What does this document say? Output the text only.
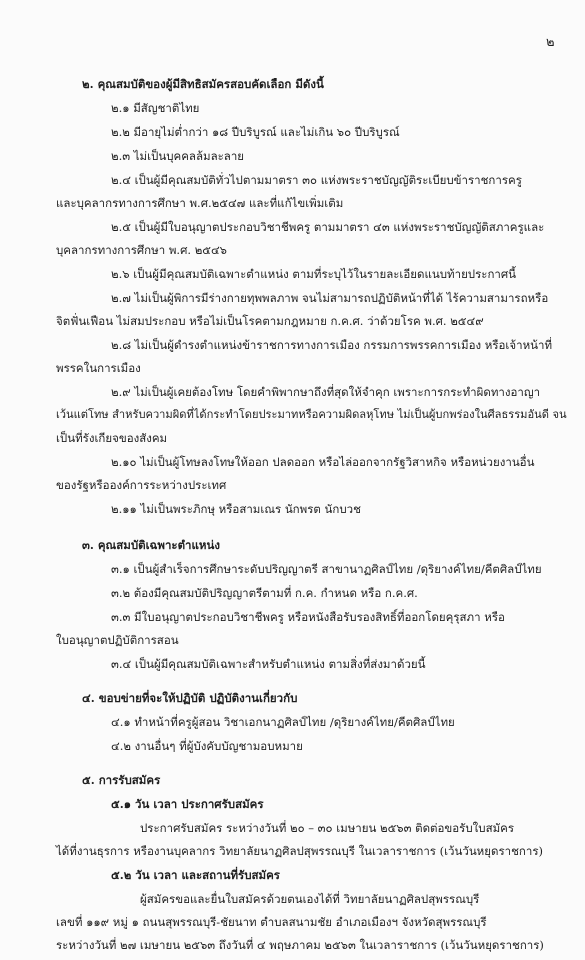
๒
๒. คุณสมบัติของผู้มีสิทธิสมัครสอบคัดเลือก มีดังนี้
๒.๑ มีสัญชาติไทย
๒.๒ มีอายุไม่ต่ำกว่า ๑๘ ปีบริบูรณ์ และไม่เกิน ๖๐ ปีบริบูรณ์
๒.๓ ไม่เป็นบุคคลล้มละลาย
๒.๔ เป็นผู้มีคุณสมบัติทั่วไปตามมาตรา ๓๐ แห่งพระราชบัญญัติระเบียบข้าราชการครู
และบุคลากรทางการศึกษา พ.ศ.๒๕๔๗ และที่แก้ไขเพิ่มเติม
๒.๕ เป็นผู้มีใบอนุญาตประกอบวิชาชีพครู ตามมาตรา ๔๓ แห่งพระราชบัญญัติสภาครูและ
บุคลากรทางการศึกษา พ.ศ. ๒๕๔๖
๒.๖ เป็นผู้มีคุณสมบัติเฉพาะตำแหน่ง ตามที่ระบุไว้ในรายละเอียดแนบท้ายประกาศนี้
๒.๗ ไม่เป็นผู้พิการมีร่างกายทุพพลภาพ จนไม่สามารถปฏิบัติหน้าที่ได้ ไร้ความสามารถหรือ
จิตฟั่นเฟือน ไม่สมประกอบ หรือไม่เป็นโรคตามกฎหมาย ก.ค.ศ. ว่าด้วยโรค พ.ศ. ๒๕๔๙
๒.๘ ไม่เป็นผู้ดำรงตำแหน่งข้าราชการทางการเมือง กรรมการพรรคการเมือง หรือเจ้าหน้าที่
พรรคในการเมือง
๒.๙ ไม่เป็นผู้เคยต้องโทษ โดยคำพิพากษาถึงที่สุดให้จำคุก เพราะการกระทำผิดทางอาญา
เว้นแต่โทษ สำหรับความผิดที่ได้กระทำโดยประมาทหรือความผิดลหุโทษ ไม่เป็นผู้บกพร่องในศีลธรรมอันดี จน
เป็นที่รังเกียจของสังคม
๒.๑๐ ไม่เป็นผู้โทษลงโทษให้ออก ปลดออก หรือไล่ออกจากรัฐวิสาหกิจ หรือหน่วยงานอื่น
ของรัฐหรือองค์การระหว่างประเทศ
๒.๑๑ ไม่เป็นพระภิกษุ หรือสามเณร นักพรต นักบวช
๓. คุณสมบัติเฉพาะตำแหน่ง
๓.๑ เป็นผู้สำเร็จการศึกษาระดับปริญญาตรี สาขานาฏศิลป์ไทย /ดุริยางค์ไทย/คีตศิลป์ไทย
๓.๒ ต้องมีคุณสมบัติปริญญาตรีตามที่ ก.ค. กำหนด หรือ ก.ค.ศ.
๓.๓ มีใบอนุญาตประกอบวิชาชีพครู หรือหนังสือรับรองสิทธิ์ที่ออกโดยคุรุสภา หรือ
ใบอนุญาตปฏิบัติการสอน
๓.๔ เป็นผู้มีคุณสมบัติเฉพาะสำหรับตำแหน่ง ตามสิ่งที่ส่งมาด้วยนี้
๔. ขอบข่ายที่จะให้ปฏิบัติ ปฏิบัติงานเกี่ยวกับ
๔.๑ ทำหน้าที่ครูผู้สอน วิชาเอกนาฏศิลป์ไทย /ดุริยางค์ไทย/คีตศิลป์ไทย
๔.๒ งานอื่นๆ ที่ผู้บังคับบัญชามอบหมาย
๕. การรับสมัคร
๕.๑ วัน เวลา ประกาศรับสมัคร
ประกาศรับสมัคร ระหว่างวันที่ ๒๐ – ๓๐ เมษายน ๒๕๖๓ ติดต่อขอรับใบสมัคร
ได้ที่งานธุรการ หรืองานบุคลากร วิทยาลัยนาฏศิลปสุพรรณบุรี ในเวลาราชการ (เว้นวันหยุดราชการ)
๕.๒ วัน เวลา และสถานที่รับสมัคร
ผู้สมัครขอและยื่นใบสมัครด้วยตนเองได้ที่ วิทยาลัยนาฏศิลปสุพรรณบุรี
เลขที่ ๑๑๙ หมู่ ๑ ถนนสุพรรณบุรี-ชัยนาท ตำบลสนามชัย อำเภอเมืองฯ จังหวัดสุพรรณบุรี
ระหว่างวันที่ ๒๗ เมษายน ๒๕๖๓ ถึงวันที่ ๔ พฤษภาคม ๒๕๖๓ ในเวลาราชการ (เว้นวันหยุดราชการ)
